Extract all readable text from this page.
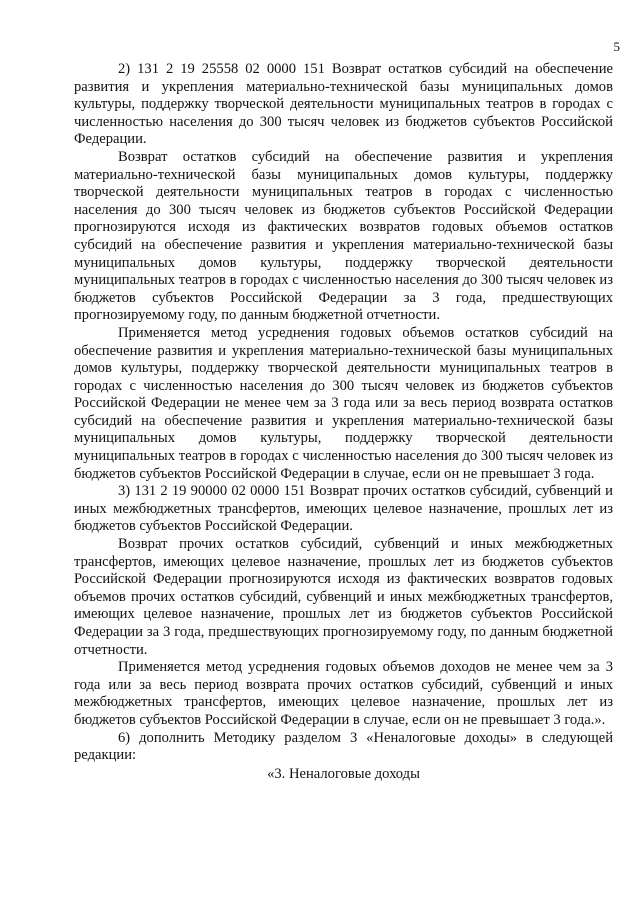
5

2) 131 2 19 25558 02 0000 151 Возврат остатков субсидий на обеспечение развития и укрепления материально-технической базы муниципальных домов культуры, поддержку творческой деятельности муниципальных театров в городах с численностью населения до 300 тысяч человек из бюджетов субъектов Российской Федерации.

Возврат остатков субсидий на обеспечение развития и укрепления материально-технической базы муниципальных домов культуры, поддержку творческой деятельности муниципальных театров в городах с численностью населения до 300 тысяч человек из бюджетов субъектов Российской Федерации прогнозируются исходя из фактических возвратов годовых объемов остатков субсидий на обеспечение развития и укрепления материально-технической базы муниципальных домов культуры, поддержку творческой деятельности муниципальных театров в городах с численностью населения до 300 тысяч человек из бюджетов субъектов Российской Федерации за 3 года, предшествующих прогнозируемому году, по данным бюджетной отчетности.

Применяется метод усреднения годовых объемов остатков субсидий на обеспечение развития и укрепления материально-технической базы муниципальных домов культуры, поддержку творческой деятельности муниципальных театров в городах с численностью населения до 300 тысяч человек из бюджетов субъектов Российской Федерации не менее чем за 3 года или за весь период возврата остатков субсидий на обеспечение развития и укрепления материально-технической базы муниципальных домов культуры, поддержку творческой деятельности муниципальных театров в городах с численностью населения до 300 тысяч человек из бюджетов субъектов Российской Федерации в случае, если он не превышает 3 года.

3) 131 2 19 90000 02 0000 151 Возврат прочих остатков субсидий, субвенций и иных межбюджетных трансфертов, имеющих целевое назначение, прошлых лет из бюджетов субъектов Российской Федерации.

Возврат прочих остатков субсидий, субвенций и иных межбюджетных трансфертов, имеющих целевое назначение, прошлых лет из бюджетов субъектов Российской Федерации прогнозируются исходя из фактических возвратов годовых объемов прочих остатков субсидий, субвенций и иных межбюджетных трансфертов, имеющих целевое назначение, прошлых лет из бюджетов субъектов Российской Федерации за 3 года, предшествующих прогнозируемому году, по данным бюджетной отчетности.

Применяется метод усреднения годовых объемов доходов не менее чем за 3 года или за весь период возврата прочих остатков субсидий, субвенций и иных межбюджетных трансфертов, имеющих целевое назначение, прошлых лет из бюджетов субъектов Российской Федерации в случае, если он не превышает 3 года.».

6) дополнить Методику разделом 3 «Неналоговые доходы» в следующей редакции:

«3. Неналоговые доходы
